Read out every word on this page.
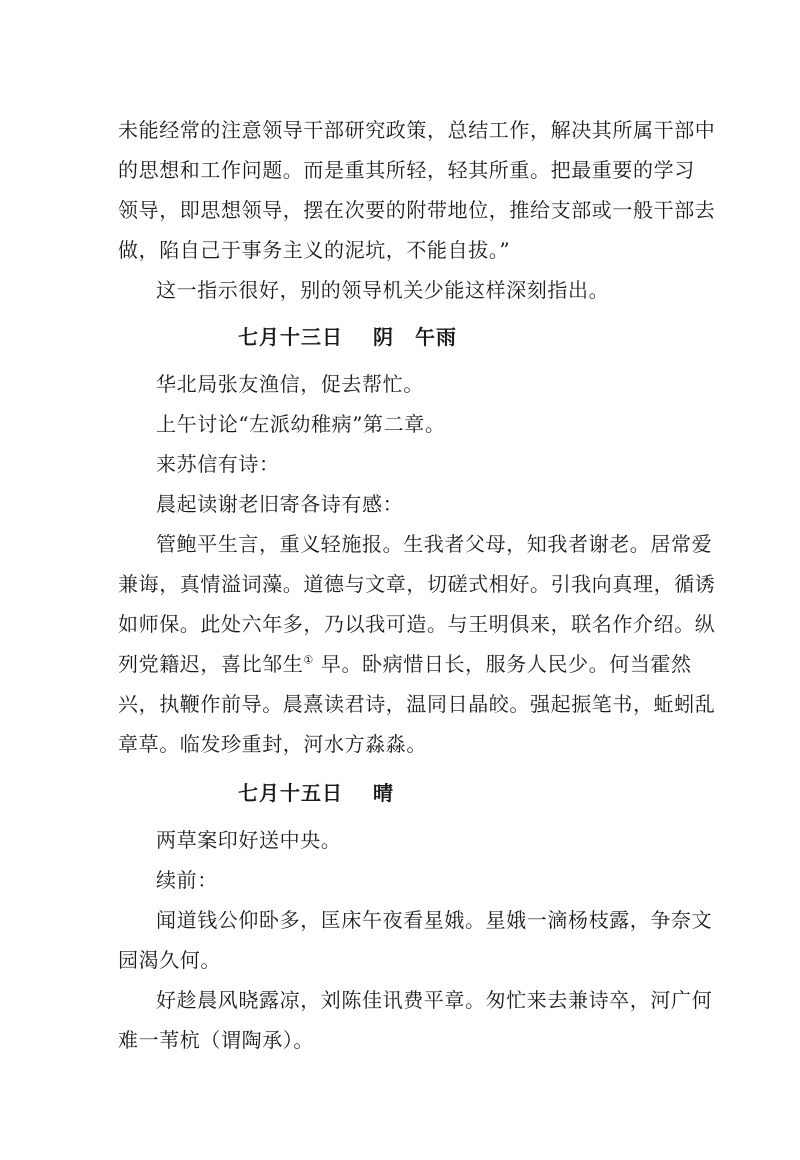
未能经常的注意领导干部研究政策，总结工作，解决其所属干部中
的思想和工作问题。而是重其所轻，轻其所重。把最重要的学习
领导，即思想领导，摆在次要的附带地位，推给支部或一般干部去
做，陷自己于事务主义的泥坑，不能自拔。”
这一指示很好，别的领导机关少能这样深刻指出。
七月十三日 阴　午雨
华北局张友渔信，促去帮忙。
上午讨论“左派幼稚病”第二章。
来苏信有诗：
晨起读谢老旧寄各诗有感：
管鲍平生言，重义轻施报。生我者父母，知我者谢老。居常爱
兼诲，真情溢词藻。道德与文章，切磋式相好。引我向真理，循诱
如师保。此处六年多，乃以我可造。与王明俱来，联名作介绍。纵
列党籍迟，喜比邹生① 早。卧病惜日长，服务人民少。何当霍然
兴，执鞭作前导。晨熹读君诗，温同日晶皎。强起振笔书，蚯蚓乱
章草。临发珍重封，河水方淼淼。
七月十五日 晴
两草案印好送中央。
续前：
闻道钱公仰卧多，匡床午夜看星娥。星娥一滴杨枝露，争奈文
园渴久何。
好趁晨风晓露凉，刘陈佳讯费平章。匆忙来去兼诗卒，河广何
难一苇杭（谓陶承）。
